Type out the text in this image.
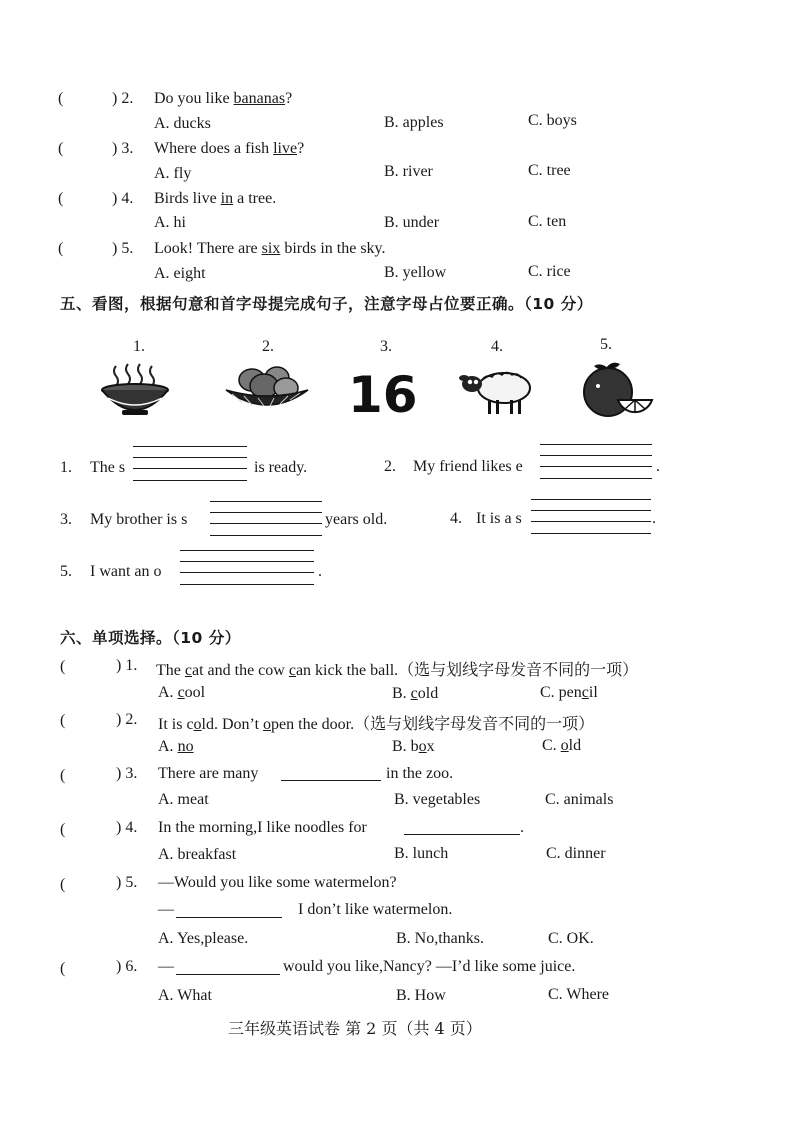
(	) 2. Do you like bananas?
A. ducks	B. apples	C. boys
(	) 3. Where does a fish live?
A. fly	B. river	C. tree
(	) 4. Birds live in a tree.
A. hi	B. under	C. ten
(	) 5. Look! There are six birds in the sky.
A. eight	B. yellow	C. rice
五、看图，根据句意和首字母提完成句子，注意字母占位要正确。（10 分）
1.	2.	3.	4.	5.
16
1. The s	is ready.	2. My friend likes e	.
3. My brother is s	years old.	4. It is a s	.
5. I want an o	.
六、单项选择。（10 分）
(	) 1. The cat and the cow can kick the ball.（选与划线字母发音不同的一项）
A. cool	B. cold	C. pencil
(	) 2. It is cold. Don’t open the door.（选与划线字母发音不同的一项）
A. no	B. box	C. old
(	) 3. There are many	in the zoo.
A. meat	B. vegetables	C. animals
(	) 4. In the morning,I like noodles for	.
A. breakfast	B. lunch	C. dinner
(	) 5. —Would you like some watermelon?
—	I don’t like watermelon.
A. Yes,please.	B. No,thanks.	C. OK.
(	) 6. —	would you like,Nancy? —I’d like some juice.
A. What	B. How	C. Where
三年级英语试卷 第 2 页（共 4 页）
